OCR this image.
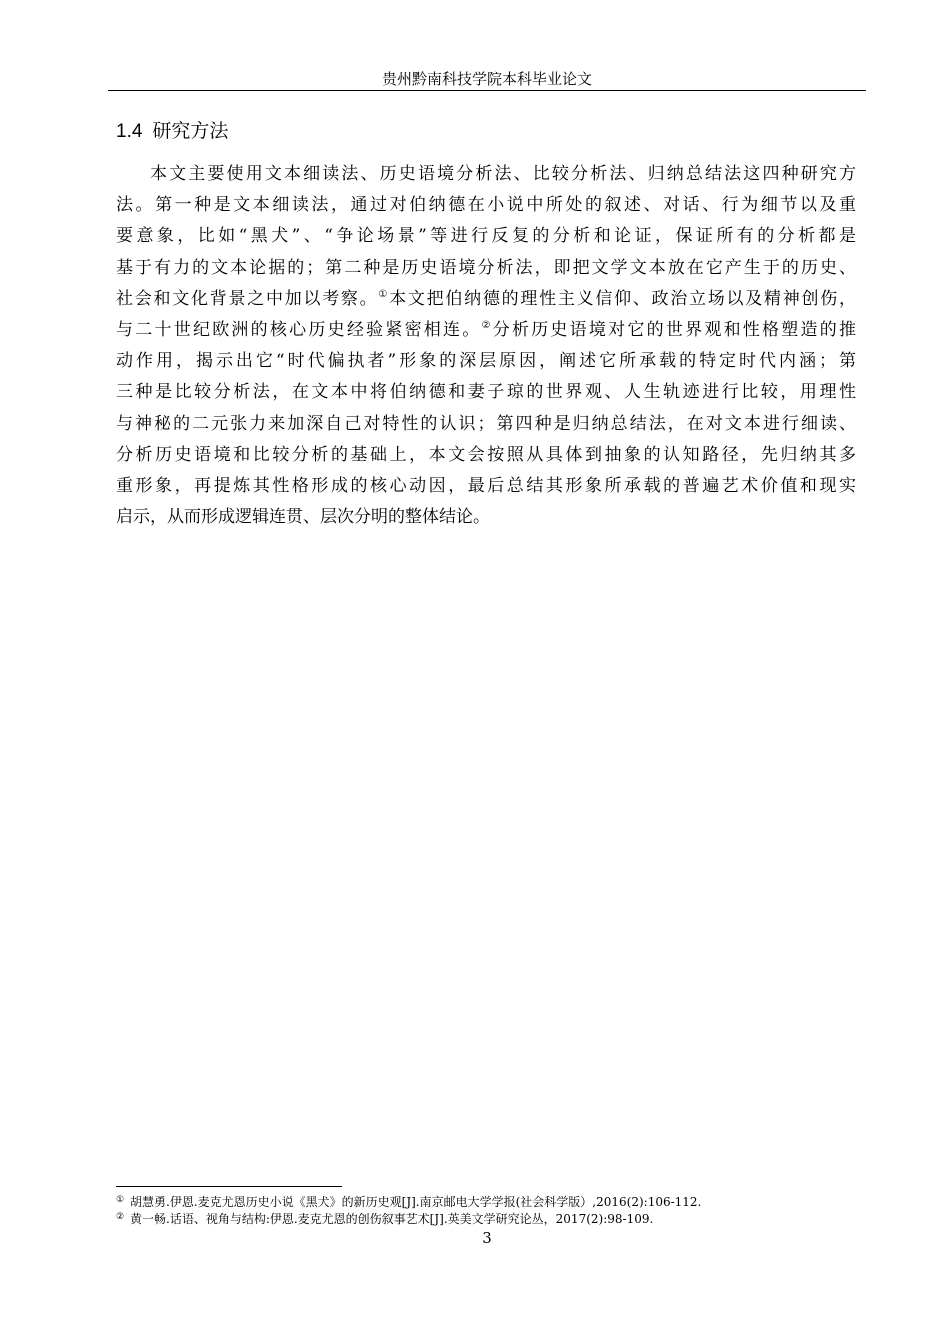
贵州黔南科技学院本科毕业论文
1.4 研究方法
本文主要使用文本细读法、历史语境分析法、比较分析法、归纳总结法这四种研究方
法。第一种是文本细读法，通过对伯纳德在小说中所处的叙述、对话、行为细节以及重
要意象，比如“黑犬”、“争论场景”等进行反复的分析和论证，保证所有的分析都是
基于有力的文本论据的；第二种是历史语境分析法，即把文学文本放在它产生于的历史、
社会和文化背景之中加以考察。①本文把伯纳德的理性主义信仰、政治立场以及精神创伤，
与二十世纪欧洲的核心历史经验紧密相连。②分析历史语境对它的世界观和性格塑造的推
动作用，揭示出它“时代偏执者”形象的深层原因，阐述它所承载的特定时代内涵；第
三种是比较分析法，在文本中将伯纳德和妻子琼的世界观、人生轨迹进行比较，用理性
与神秘的二元张力来加深自己对特性的认识；第四种是归纳总结法，在对文本进行细读、
分析历史语境和比较分析的基础上，本文会按照从具体到抽象的认知路径，先归纳其多
重形象，再提炼其性格形成的核心动因，最后总结其形象所承载的普遍艺术价值和现实
启示，从而形成逻辑连贯、层次分明的整体结论。
① 胡慧勇.伊恩.麦克尤恩历史小说《黑犬》的新历史观[J].南京邮电大学学报(社会科学版）,2016(2):106-112.
② 黄一畅.话语、视角与结构:伊恩.麦克尤恩的创伤叙事艺术[J].英美文学研究论丛，2017(2):98-109.
3
